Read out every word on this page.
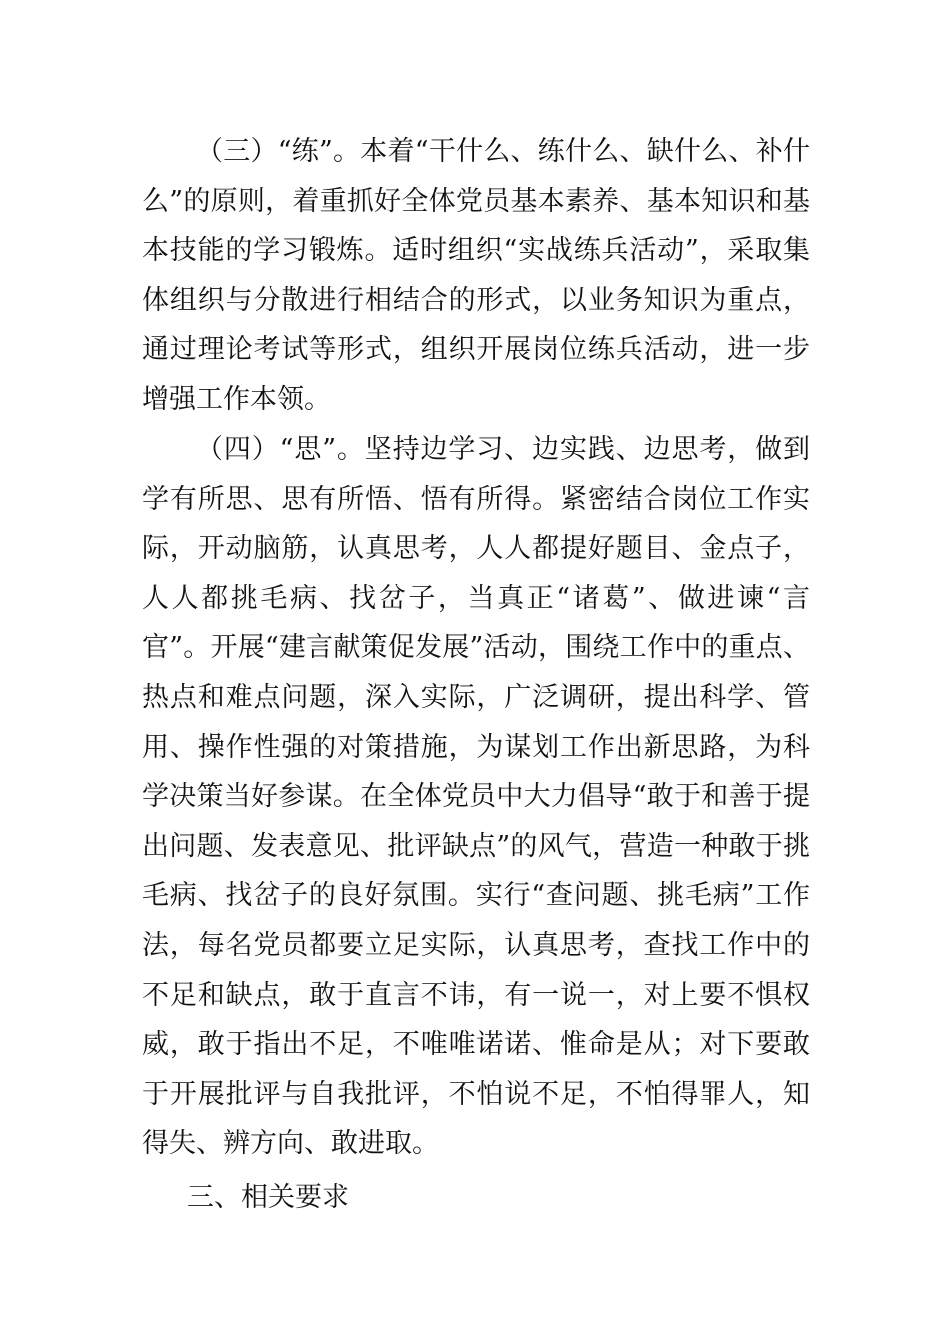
（三）“练”。本着“干什么、练什么、缺什么、补什么”的原则，着重抓好全体党员基本素养、基本知识和基本技能的学习锻炼。适时组织“实战练兵活动”，采取集体组织与分散进行相结合的形式，以业务知识为重点，通过理论考试等形式，组织开展岗位练兵活动，进一步增强工作本领。

（四）“思”。坚持边学习、边实践、边思考，做到学有所思、思有所悟、悟有所得。紧密结合岗位工作实际，开动脑筋，认真思考，人人都提好题目、金点子，人人都挑毛病、找岔子，当真正“诸葛”、做进谏“言官”。开展“建言献策促发展”活动，围绕工作中的重点、热点和难点问题，深入实际，广泛调研，提出科学、管用、操作性强的对策措施，为谋划工作出新思路，为科学决策当好参谋。在全体党员中大力倡导“敢于和善于提出问题、发表意见、批评缺点”的风气，营造一种敢于挑毛病、找岔子的良好氛围。实行“查问题、挑毛病”工作法，每名党员都要立足实际，认真思考，查找工作中的不足和缺点，敢于直言不讳，有一说一，对上要不惧权威，敢于指出不足，不唯唯诺诺、惟命是从；对下要敢于开展批评与自我批评，不怕说不足，不怕得罪人，知得失、辨方向、敢进取。

三、相关要求
